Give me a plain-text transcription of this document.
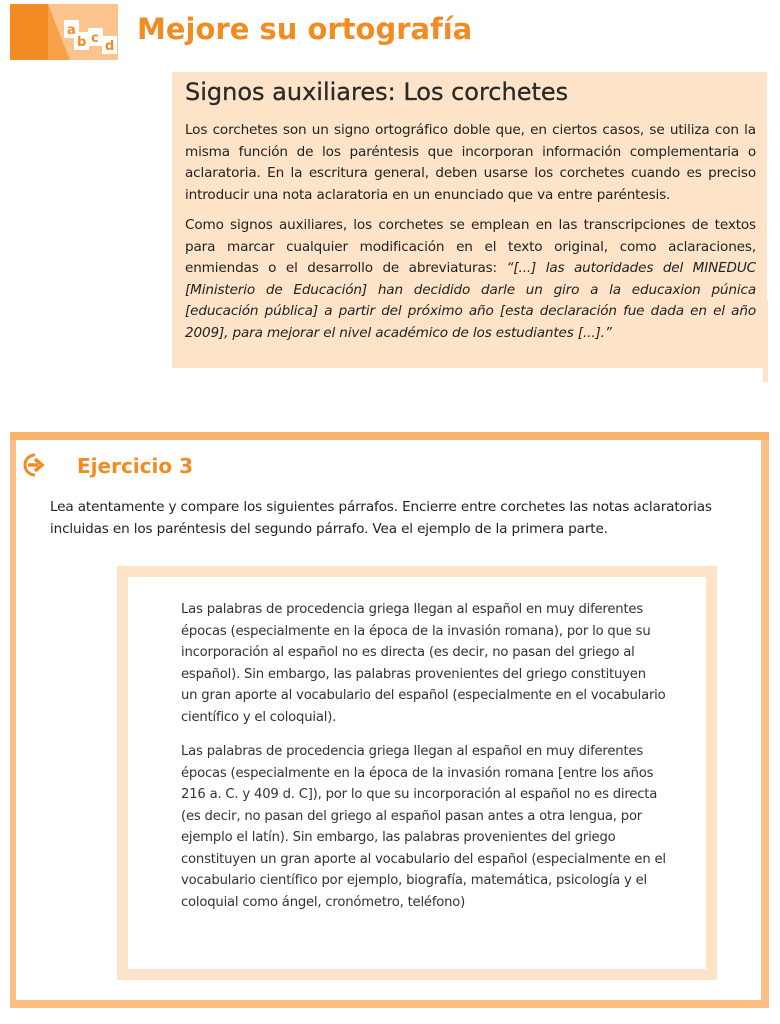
a
b c
d
Mejore su ortografía
Signos auxiliares: Los corchetes

Los corchetes son un signo ortográfico doble que, en ciertos casos, se utiliza con la misma función de los paréntesis que incorporan información complementaria o aclaratoria. En la escritura general, deben usarse los corchetes cuando es preciso introducir una nota aclaratoria en un enunciado que va entre paréntesis.

Como signos auxiliares, los corchetes se emplean en las transcripciones de textos para marcar cualquier modificación en el texto original, como aclaraciones, enmiendas o el desarrollo de abreviaturas: “[...] las autoridades del MINEDUC [Ministerio de Educación] han decidido darle un giro a la educaxion púnica [educación pública] a partir del próximo año [esta declaración fue dada en el año 2009], para mejorar el nivel académico de los estudiantes [...].”

Ejercicio 3

Lea atentamente y compare los siguientes párrafos. Encierre entre corchetes las notas aclaratorias incluidas en los paréntesis del segundo párrafo. Vea el ejemplo de la primera parte.

Las palabras de procedencia griega llegan al español en muy diferentes épocas (especialmente en la época de la invasión romana), por lo que su incorporación al español no es directa (es decir, no pasan del griego al español). Sin embargo, las palabras provenientes del griego constituyen un gran aporte al vocabulario del español (especialmente en el vocabulario científico y el coloquial).

Las palabras de procedencia griega llegan al español en muy diferentes épocas (especialmente en la época de la invasión romana [entre los años 216 a. C. y 409 d. C]), por lo que su incorporación al español no es directa (es decir, no pasan del griego al español pasan antes a otra lengua, por ejemplo el latín). Sin embargo, las palabras provenientes del griego constituyen un gran aporte al vocabulario del español (especialmente en el vocabulario científico por ejemplo, biografía, matemática, psicología y el coloquial como ángel, cronómetro, teléfono)
